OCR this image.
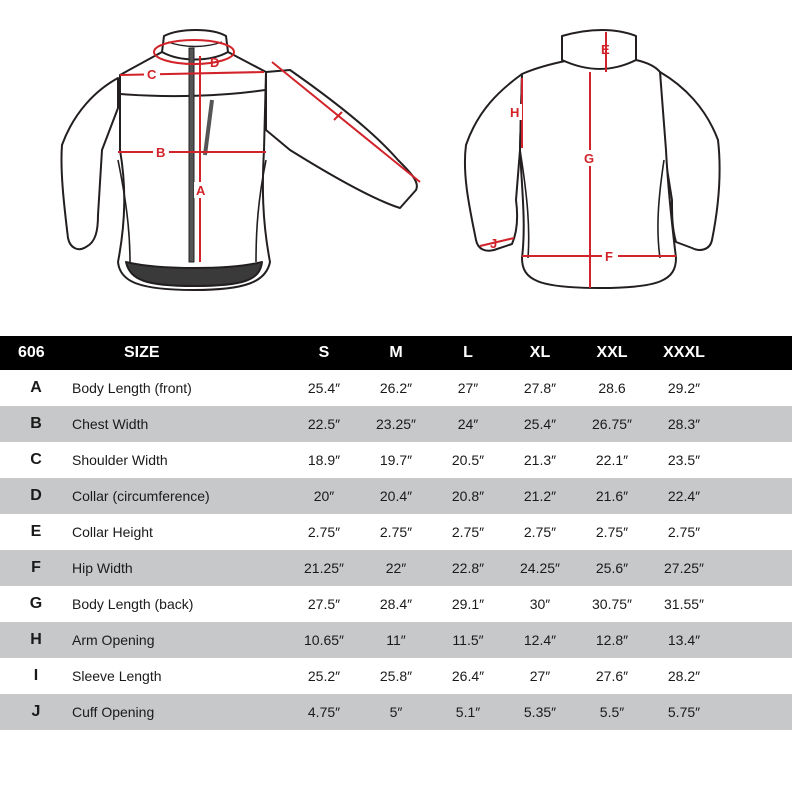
A
B
C
D
E
F
G
H
J
606	SIZE	S	M	L	XL	XXL	XXXL
A	Body Length (front)	25.4″	26.2″	27″	27.8″	28.6	29.2″
B	Chest Width	22.5″	23.25″	24″	25.4″	26.75″	28.3″
C	Shoulder Width	18.9″	19.7″	20.5″	21.3″	22.1″	23.5″
D	Collar (circumference)	20″	20.4″	20.8″	21.2″	21.6″	22.4″
E	Collar Height	2.75″	2.75″	2.75″	2.75″	2.75″	2.75″
F	Hip Width	21.25″	22″	22.8″	24.25″	25.6″	27.25″
G	Body Length (back)	27.5″	28.4″	29.1″	30″	30.75″	31.55″
H	Arm Opening	10.65″	11″	11.5″	12.4″	12.8″	13.4″
I	Sleeve Length	25.2″	25.8″	26.4″	27″	27.6″	28.2″
J	Cuff Opening	4.75″	5″	5.1″	5.35″	5.5″	5.75″
